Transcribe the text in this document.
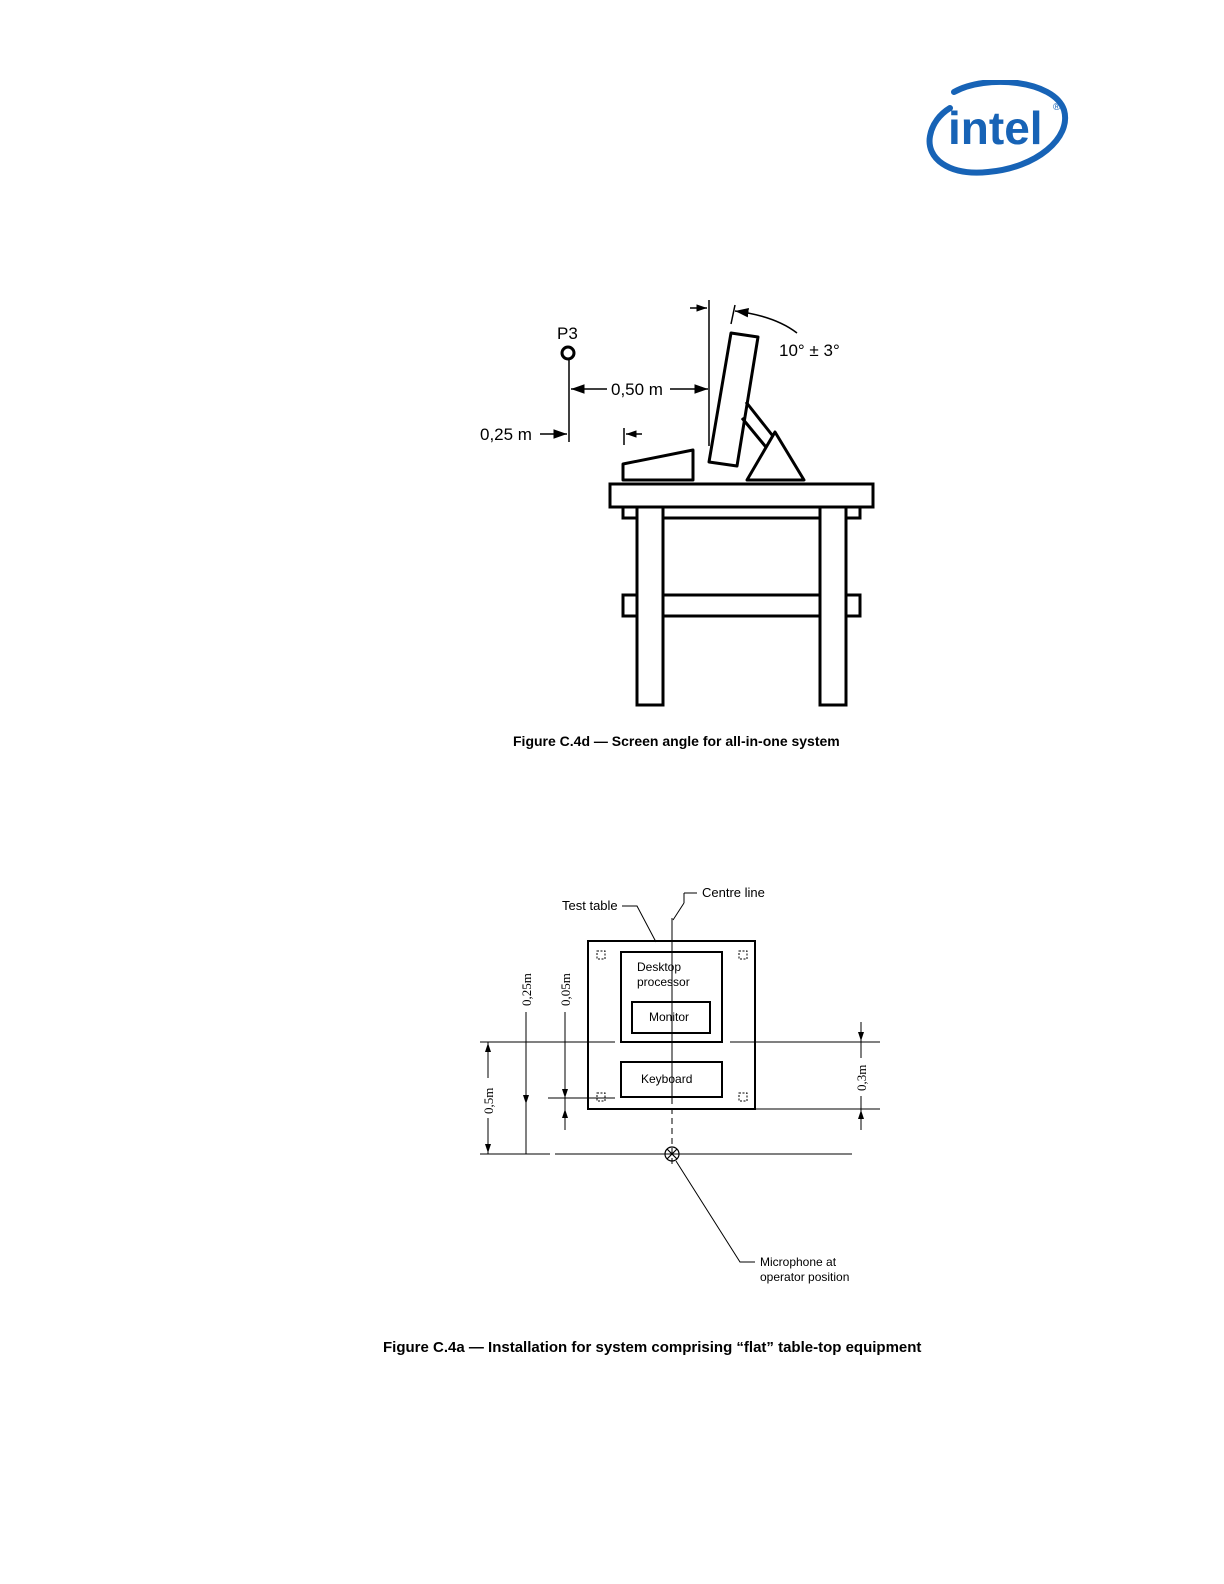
intel ®
P3
0,50 m
0,25 m
10° ± 3°
Figure C.4d — Screen angle for all-in-one system
Centre line
Test table
Desktop
processor
Monitor
Keyboard
0,25m 0,05m
0,5m
0,3m
Microphone at
operator position
Figure C.4a — Installation for system comprising “flat” table-top equipment
